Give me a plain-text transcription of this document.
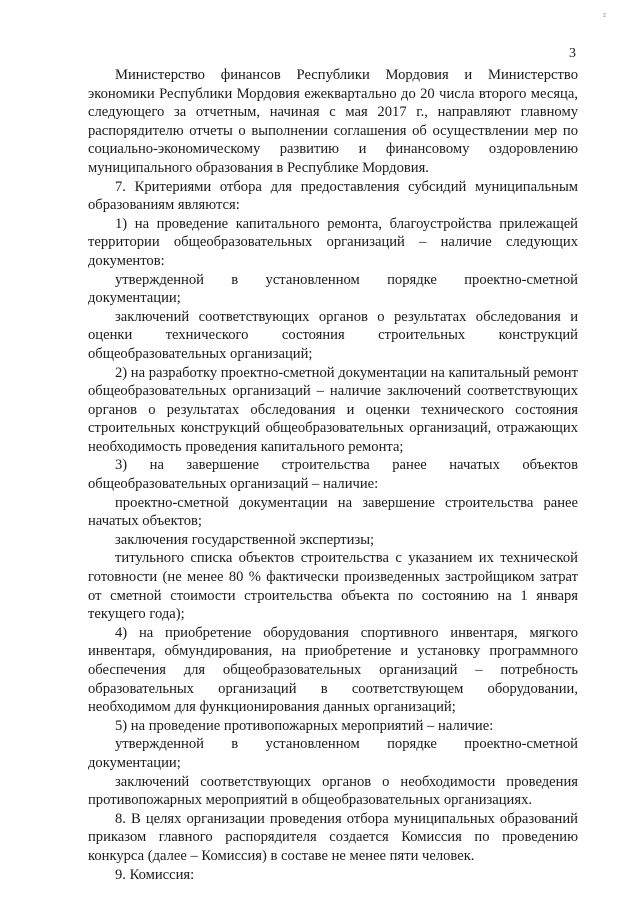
²
3

Министерство финансов Республики Мордовия и Министерство экономики Республики Мордовия ежеквартально до 20 числа второго месяца, следующего за отчетным, начиная с мая 2017 г., направляют главному распорядителю отчеты о выполнении соглашения об осуществлении мер по социально-экономическому развитию и финансовому оздоровлению муниципального образования в Республике Мордовия.

7. Критериями отбора для предоставления субсидий муниципальным образованиям являются:

1) на проведение капитального ремонта, благоустройства прилежащей территории общеобразовательных организаций – наличие следующих документов:

утвержденной в установленном порядке проектно-сметной документации;

заключений соответствующих органов о результатах обследования и оценки технического состояния строительных конструкций общеобразовательных организаций;

2) на разработку проектно-сметной документации на капитальный ремонт общеобразовательных организаций – наличие заключений соответствующих органов о результатах обследования и оценки технического состояния строительных конструкций общеобразовательных организаций, отражающих необходимость проведения капитального ремонта;

3) на завершение строительства ранее начатых объектов общеобразовательных организаций – наличие:

проектно-сметной документации на завершение строительства ранее начатых объектов;

заключения государственной экспертизы;

титульного списка объектов строительства с указанием их технической готовности (не менее 80 % фактически произведенных застройщиком затрат от сметной стоимости строительства объекта по состоянию на 1 января текущего года);

4) на приобретение оборудования спортивного инвентаря, мягкого инвентаря, обмундирования, на приобретение и установку программного обеспечения для общеобразовательных организаций – потребность образовательных организаций в соответствующем оборудовании, необходимом для функционирования данных организаций;

5) на проведение противопожарных мероприятий – наличие:

утвержденной в установленном порядке проектно-сметной документации;

заключений соответствующих органов о необходимости проведения противопожарных мероприятий в общеобразовательных организациях.

8. В целях организации проведения отбора муниципальных образований приказом главного распорядителя создается Комиссия по проведению конкурса (далее – Комиссия) в составе не менее пяти человек.

9. Комиссия:
